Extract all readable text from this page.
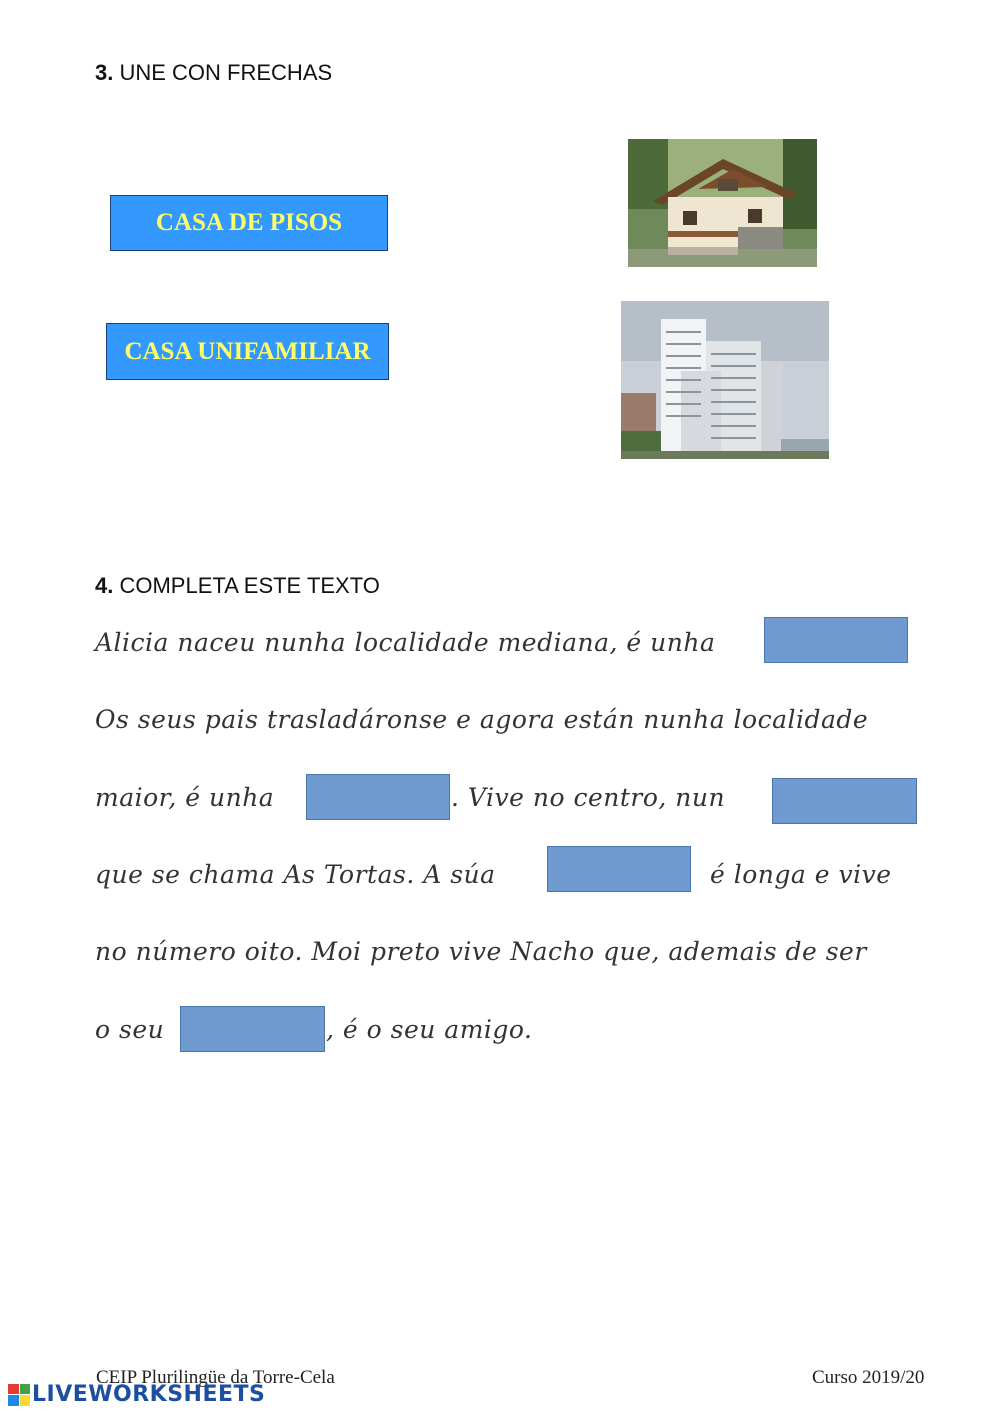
3. UNE CON FRECHAS
CASA DE PISOS
CASA UNIFAMILIAR
4. COMPLETA ESTE TEXTO
Alicia naceu nunha localidade mediana, é unha
Os seus pais trasladáronse e agora están nunha localidade
maior, é unha	. Vive no centro, nun
que se chama As Tortas. A súa	é longa e vive
no número oito. Moi preto vive Nacho que, ademais de ser
o seu	, é o seu amigo.
CEIP Plurilingüe da Torre-Cela	Curso 2019/20
LIVEWORKSHEETS
